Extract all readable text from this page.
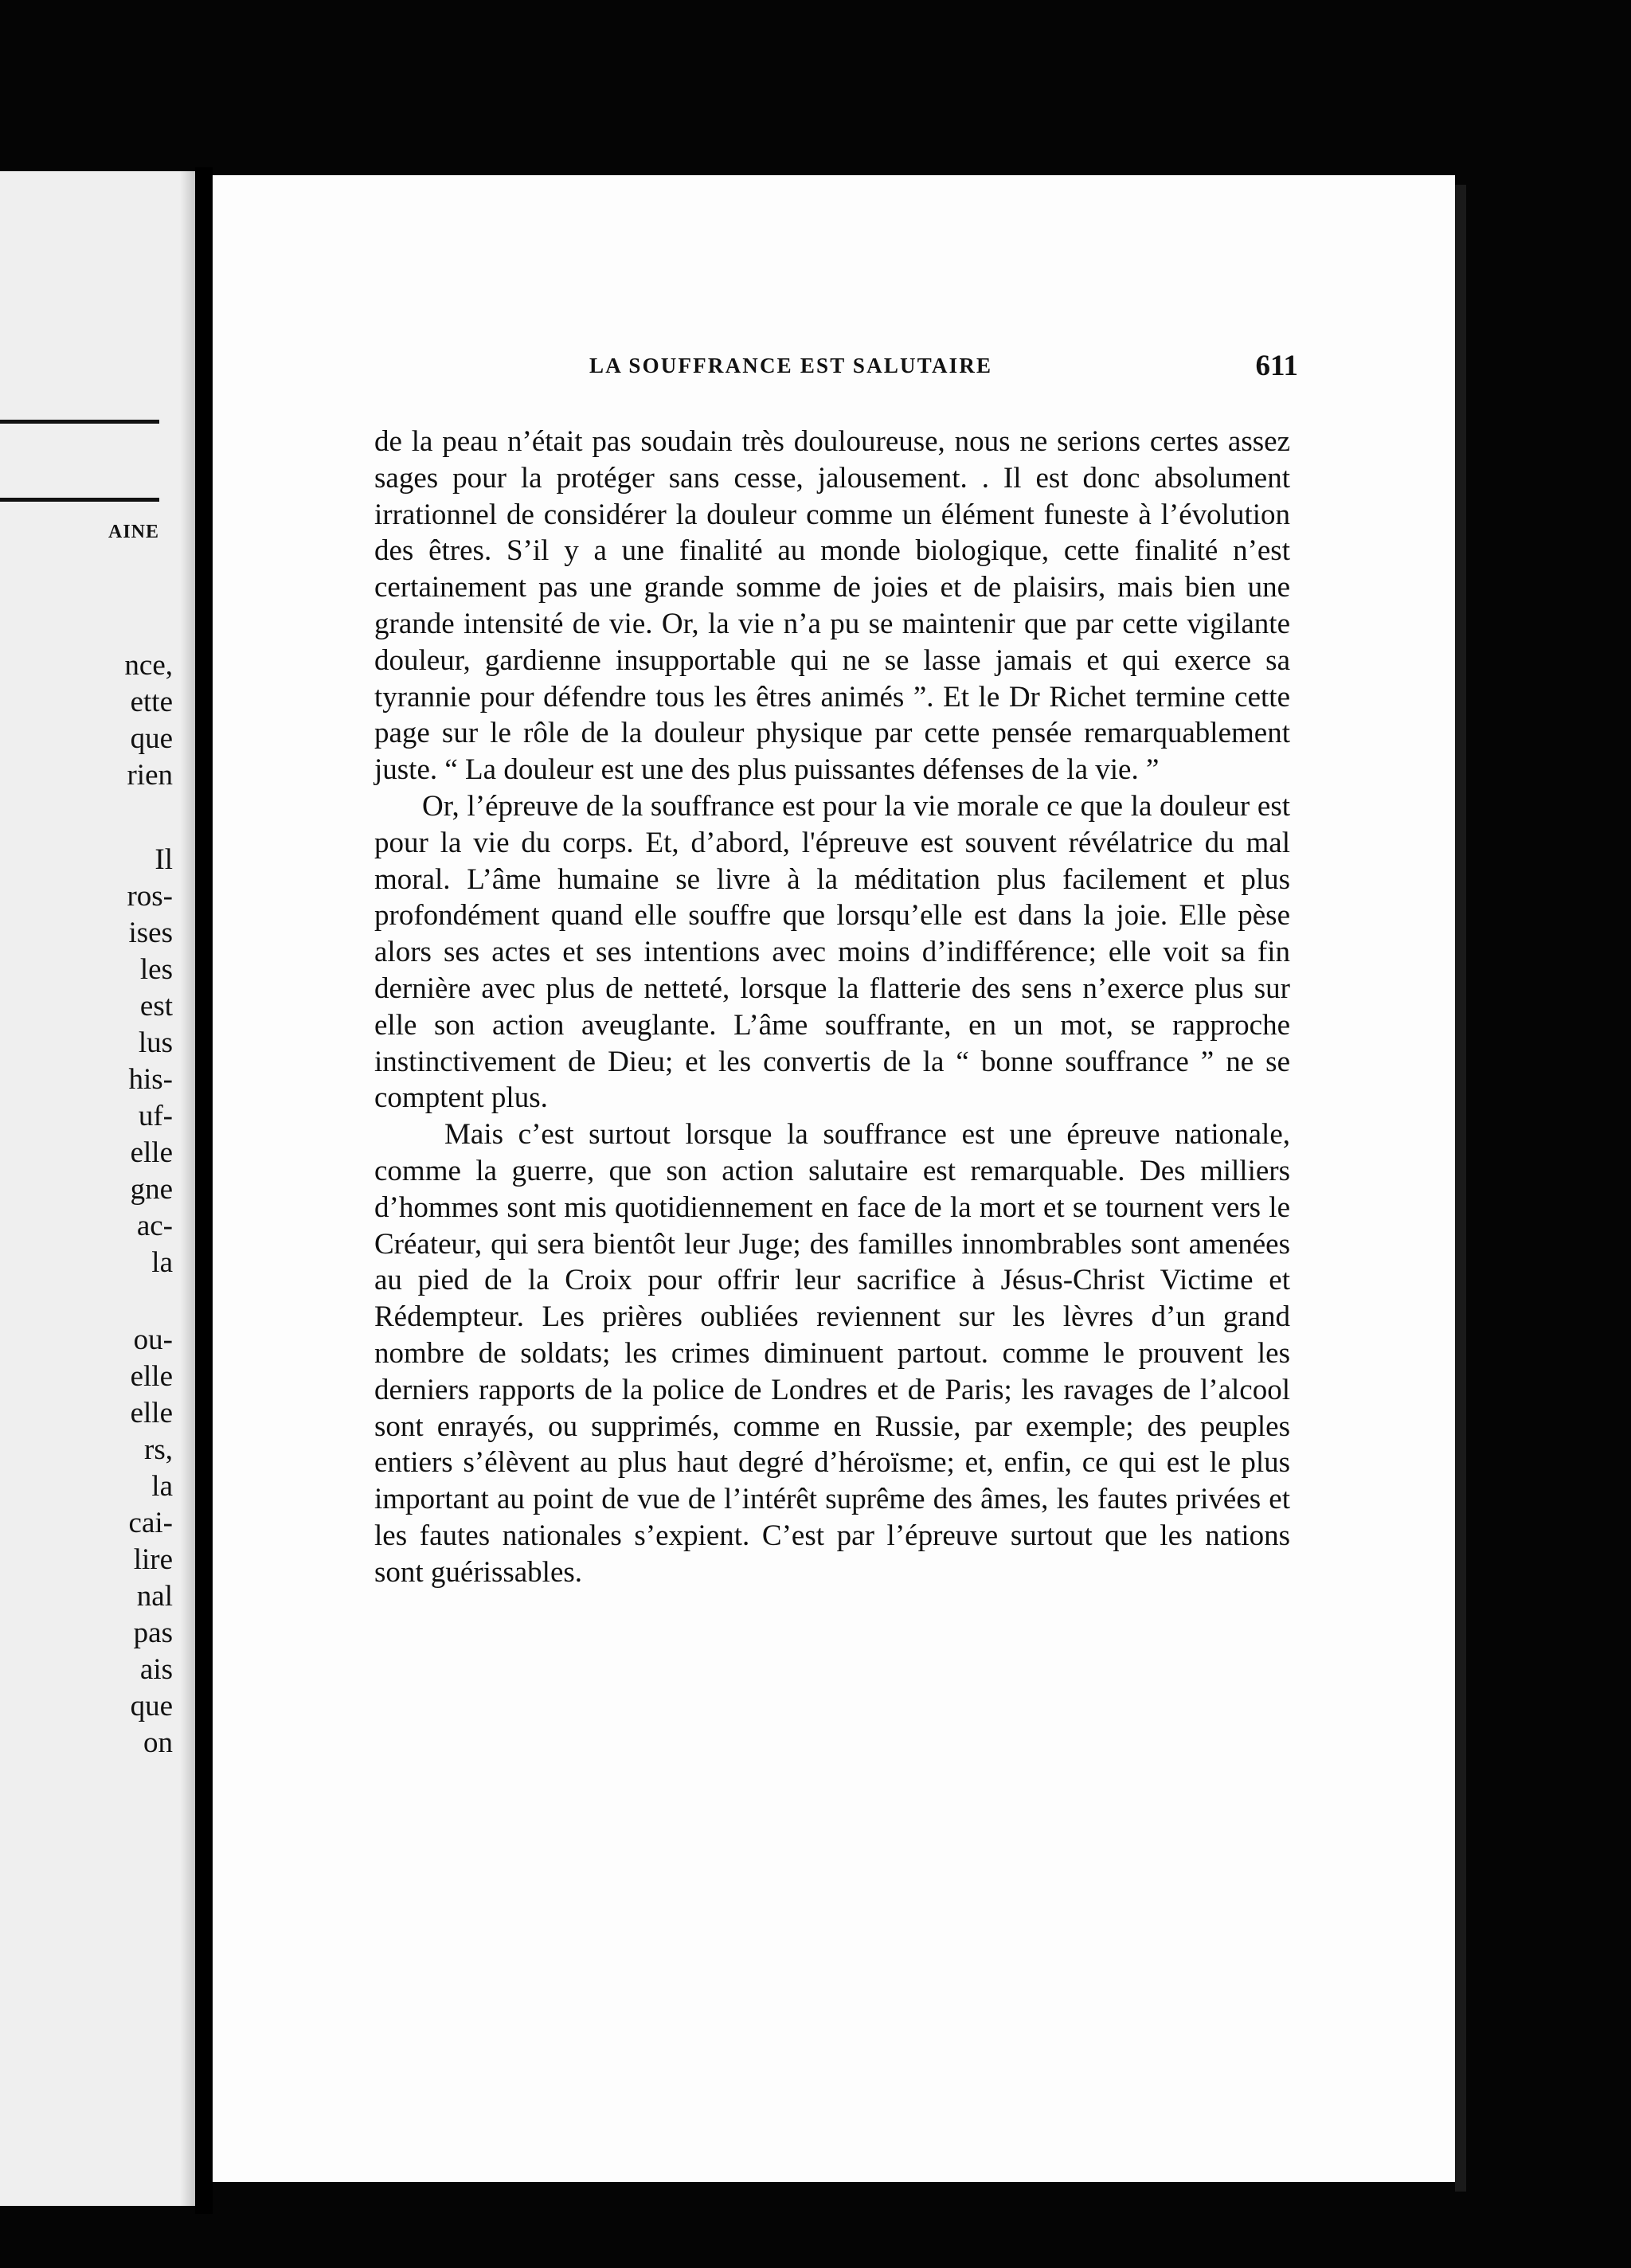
AINE
nce,
ette
que
rien
Il
ros-
ises
les
est
lus
his-
uf-
elle
gne
ac-
la
ou-
elle
elle
rs,
la
cai-
lire
nal
pas
ais
que
on
LA SOUFFRANCE EST SALUTAIRE	611

de la peau n’était pas soudain très douloureuse, nous ne serions certes assez sages pour la protéger sans cesse, jalousement. . Il est donc absolument irrationnel de considérer la douleur comme un élément funeste à l’évolution des êtres. S’il y a une finalité au monde biologique, cette finalité n’est certainement pas une grande somme de joies et de plaisirs, mais bien une grande intensité de vie. Or, la vie n’a pu se maintenir que par cette vigilante douleur, gardienne insupportable qui ne se lasse jamais et qui exerce sa tyrannie pour défendre tous les êtres animés ”. Et le Dr Richet termine cette page sur le rôle de la douleur physique par cette pensée remarquablement juste. “ La douleur est une des plus puissantes défenses de la vie. ”

Or, l’épreuve de la souffrance est pour la vie morale ce que la douleur est pour la vie du corps. Et, d’abord, l'épreuve est souvent révélatrice du mal moral. L’âme humaine se livre à la méditation plus facilement et plus profondément quand elle souffre que lorsqu’elle est dans la joie. Elle pèse alors ses actes et ses intentions avec moins d’indifférence; elle voit sa fin dernière avec plus de netteté, lorsque la flatterie des sens n’exerce plus sur elle son action aveuglante. L’âme souffrante, en un mot, se rapproche instinctivement de Dieu; et les convertis de la “ bonne souffrance ” ne se comptent plus.

Mais c’est surtout lorsque la souffrance est une épreuve nationale, comme la guerre, que son action salutaire est remarquable. Des milliers d’hommes sont mis quotidiennement en face de la mort et se tournent vers le Créateur, qui sera bientôt leur Juge; des familles innombrables sont amenées au pied de la Croix pour offrir leur sacrifice à Jésus-Christ Victime et Rédempteur. Les prières oubliées reviennent sur les lèvres d’un grand nombre de soldats; les crimes diminuent partout. comme le prouvent les derniers rapports de la police de Londres et de Paris; les ravages de l’alcool sont enrayés, ou supprimés, comme en Russie, par exemple; des peuples entiers s’élèvent au plus haut degré d’héroïsme; et, enfin, ce qui est le plus important au point de vue de l’intérêt suprême des âmes, les fautes privées et les fautes nationales s’expient. C’est par l’épreuve surtout que les nations sont guérissables.
